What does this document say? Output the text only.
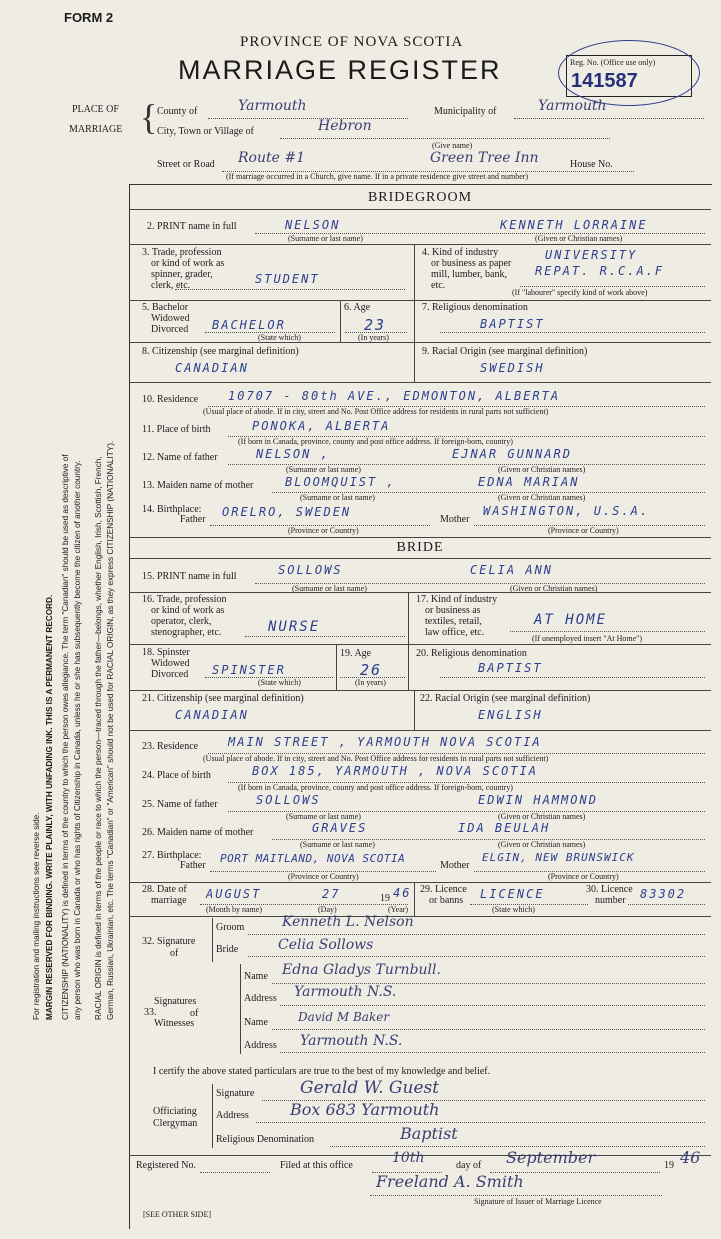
FORM 2
PROVINCE OF NOVA SCOTIA
MARRIAGE REGISTER	Reg. No. (Office use only)
141587
PLACE OF
MARRIAGE { County of	Yarmouth	Municipality of	Yarmouth
City, Town or Village of	Hebron
(Give name)
Street or Road Route #1	Green Tree Inn	House No.
(If marriage occurred in a Church, give name. If in a private residence give street and number)
For registration and mailing instructions see reverse side. MARGIN RESERVED FOR BINDING. WRITE PLAINLY, WITH UNFADING INK. THIS IS A PERMANENT RECORD. CITIZENSHIP (NATIONALITY) is defined in terms of the country to which the person owes allegiance. The term "Canadian" should be used as descriptive of any person who was born in Canada or who has rights of Citizenship in Canada, unless he or she has subsequently become the citizen of another country. RACIAL ORIGIN is defined in terms of the people or race to which the person—traced through the father—belongs, whether English, Irish, Scottish, French, German, Russian, Ukrainian, etc. The terms "Canadian" or "American" should not be used for RACIAL ORIGIN, as they express CITIZENSHIP (NATIONALITY).
BRIDEGROOM
2. PRINT name in full	NELSON	KENNETH LORRAINE
(Surname or last name)	(Given or Christian names)
3. Trade, profession
or kind of work as
spinner, grader,
clerk, etc.	STUDENT
4. Kind of industry
or business as paper
mill, lumber, bank,
etc.
UNIVERSITY
REPAT. R.C.A.F
(If "labourer" specify kind of work above)
5. Bachelor
Widowed
Divorced BACHELOR
(State which)
6. Age
23
(In years)
7. Religious denomination
BAPTIST
8. Citizenship (see marginal definition)
CANADIAN
9. Racial Origin (see marginal definition)
SWEDISH
10. Residence 10707 - 80th AVE., EDMONTON, ALBERTA
(Usual place of abode. If in city, street and No. Post Office address for residents in rural parts not sufficient)
11. Place of birth	PONOKA, ALBERTA
(If born in Canada, province, county and post office address. If foreign-born, country)
12. Name of father	NELSON ,	EJNAR GUNNARD
(Surname or last name)	(Given or Christian names)
13. Maiden name of mother	BLOOMQUIST ,	EDNA MARIAN
(Surname or last name)	(Given or Christian names)
14. Birthplace:
Father
ORELRO, SWEDEN
Mother
WASHINGTON, U.S.A.
(Province or Country)	(Province or Country)
BRIDE
15. PRINT name in full	SOLLOWS	CELIA ANN
(Surname or last name)	(Given or Christian names)
16. Trade, profession
or kind of work as
operator, clerk,
stenographer, etc.	NURSE
17. Kind of industry
or business as
textiles, retail,
law office, etc.
AT HOME
(If unemployed insert "At Home")
18. Spinster
Widowed
Divorced SPINSTER
(State which)
19. Age
26
(In years)
20. Religious denomination
BAPTIST
21. Citizenship (see marginal definition)
CANADIAN
22. Racial Origin (see marginal definition)
ENGLISH
23. Residence MAIN STREET , YARMOUTH NOVA SCOTIA
(Usual place of abode. If in city, street and No. Post Office address for residents in rural parts not sufficient)
24. Place of birth	BOX 185, YARMOUTH , NOVA SCOTIA
(If born in Canada, province, county and post office address. If foreign-born, country)
25. Name of father	SOLLOWS	EDWIN HAMMOND
(Surname or last name)	(Given or Christian names)
26. Maiden name of mother	GRAVES	IDA BEULAH
(Surname or last name)	(Given or Christian names)
27. Birthplace:
Father
PORT MAITLAND, NOVA SCOTIA
Mother
ELGIN, NEW BRUNSWICK
(Province or Country)	(Province or Country)
28. Date of
marriage AUGUST	27	19 46
(Month by name)	(Day)	(Year)
29. Licence
or banns LICENCE
(State which)
30. Licence
number	83302
32. Signature
of
Groom	Kenneth L. Nelson
Bride	Celia Sollows
Signatures
33.	of
Witnesses
Name Edna Gladys Turnbull.
Address Yarmouth N.S.
Name	David M Baker
Address Yarmouth N.S.
I certify the above stated particulars are true to the best of my knowledge and belief.
Officiating
Clergyman
Signature	Gerald W. Guest
Address	Box 683 Yarmouth
Religious Denomination	Baptist
Registered No.	Filed at this office	10th	day of September	19 46
Freeland A. Smith
Signature of Issuer of Marriage Licence
[SEE OTHER SIDE]
